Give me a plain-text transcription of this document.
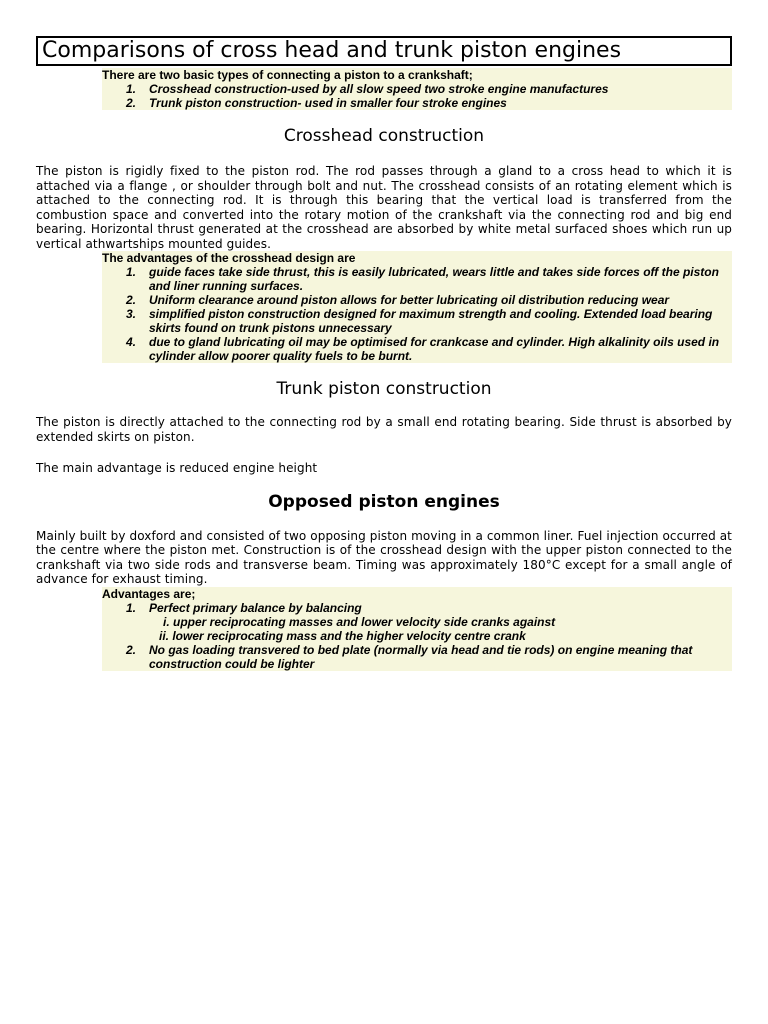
Comparisons of cross head and trunk piston engines
There are two basic types of connecting a piston to a crankshaft;
1. Crosshead construction-used by all slow speed two stroke engine manufactures
2. Trunk piston construction- used in smaller four stroke engines
Crosshead construction

The piston is rigidly fixed to the piston rod. The rod passes through a gland to a cross head to which it is attached via a flange , or shoulder through bolt and nut. The crosshead consists of an rotating element which is attached to the connecting rod. It is through this bearing that the vertical load is transferred from the combustion space and converted into the rotary motion of the crankshaft via the connecting rod and big end bearing. Horizontal thrust generated at the crosshead are absorbed by white metal surfaced shoes which run up vertical athwartships mounted guides.

The advantages of the crosshead design are
1. guide faces take side thrust, this is easily lubricated, wears little and takes side forces off the piston and liner running surfaces.
2. Uniform clearance around piston allows for better lubricating oil distribution reducing wear
3. simplified piston construction designed for maximum strength and cooling. Extended load bearing skirts found on trunk pistons unnecessary
4. due to gland lubricating oil may be optimised for crankcase and cylinder. High alkalinity oils used in cylinder allow poorer quality fuels to be burnt.
Trunk piston construction

The piston is directly attached to the connecting rod by a small end rotating bearing. Side thrust is absorbed by extended skirts on piston.

The main advantage is reduced engine height

Opposed piston engines

Mainly built by doxford and consisted of two opposing piston moving in a common liner. Fuel injection occurred at the centre where the piston met. Construction is of the crosshead design with the upper piston connected to the crankshaft via two side rods and transverse beam. Timing was approximately 180°C except for a small angle of advance for exhaust timing.

Advantages are;
1. Perfect primary balance by balancing
i. upper reciprocating masses and lower velocity side cranks against
ii. lower reciprocating mass and the higher velocity centre crank
2. No gas loading transvered to bed plate (normally via head and tie rods) on engine meaning that construction could be lighter
